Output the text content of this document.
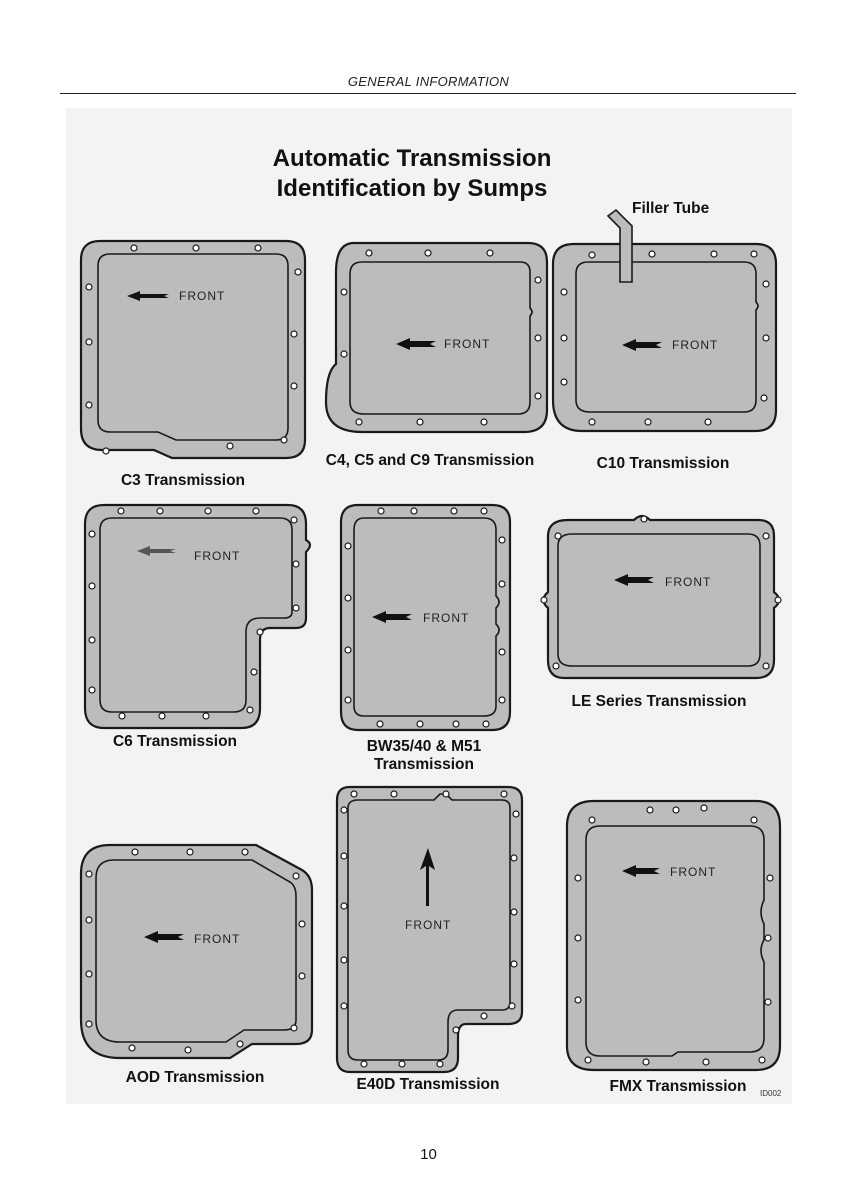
GENERAL INFORMATION
Automatic Transmission
Identification by Sumps
FRONT
C3 Transmission
FRONT
C4, C5 and C9 Transmission
FRONT
Filler Tube
C10 Transmission
FRONT
C6 Transmission
FRONT
BW35/40 & M51
Transmission
FRONT
LE Series Transmission
FRONT
AOD Transmission
FRONT
E40D Transmission
FRONT
FMX Transmission	ID002
10
